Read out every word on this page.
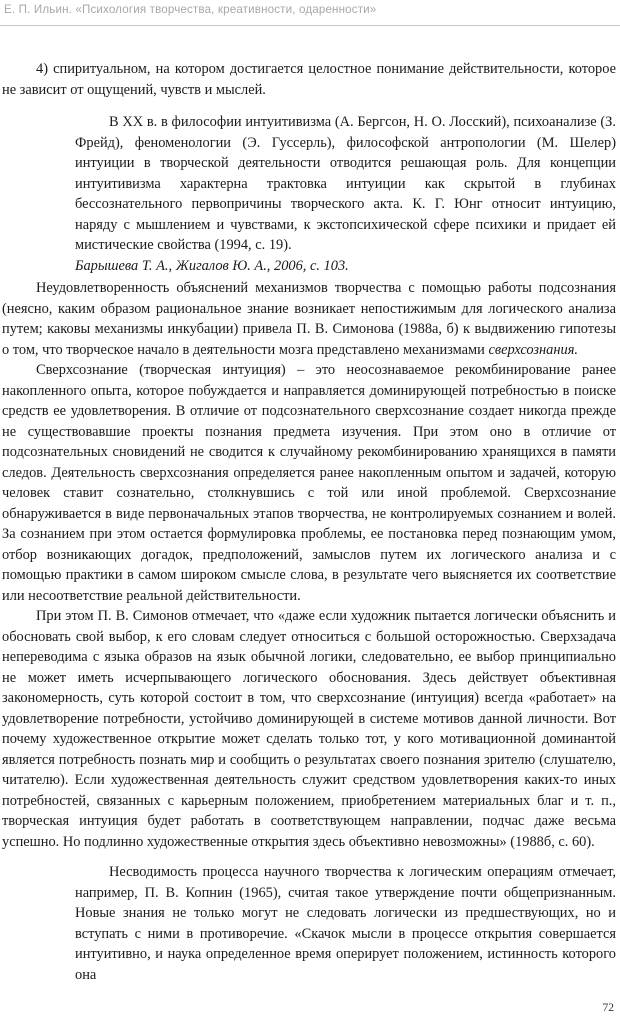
Е. П. Ильин. «Психология творчества, креативности, одаренности»

4) спиритуальном, на котором достигается целостное понимание действительности, которое не зависит от ощущений, чувств и мыслей.

В XX в. в философии интуитивизма (А. Бергсон, Н. О. Лосский), психоанализе (З. Фрейд), феноменологии (Э. Гуссерль), философской антропологии (М. Шелер) интуиции в творческой деятельности отводится решающая роль. Для концепции интуитивизма характерна трактовка интуиции как скрытой в глубинах бессознательного первопричины творческого акта. К. Г. Юнг относит интуицию, наряду с мышлением и чувствами, к экстопсихической сфере психики и придает ей мистические свойства (1994, с. 19).

Барышева Т. А., Жигалов Ю. А., 2006, с. 103.

Неудовлетворенность объяснений механизмов творчества с помощью работы подсознания (неясно, каким образом рациональное знание возникает непостижимым для логического анализа путем; каковы механизмы инкубации) привела П. В. Симонова (1988а, б) к выдвижению гипотезы о том, что творческое начало в деятельности мозга представлено механизмами сверхсознания.

Сверхсознание (творческая интуиция) – это неосознаваемое рекомбинирование ранее накопленного опыта, которое побуждается и направляется доминирующей потребностью в поиске средств ее удовлетворения. В отличие от подсознательного сверхсознание создает никогда прежде не существовавшие проекты познания предмета изучения. При этом оно в отличие от подсознательных сновидений не сводится к случайному рекомбинированию хранящихся в памяти следов. Деятельность сверхсознания определяется ранее накопленным опытом и задачей, которую человек ставит сознательно, столкнувшись с той или иной проблемой. Сверхсознание обнаруживается в виде первоначальных этапов творчества, не контролируемых сознанием и волей. За сознанием при этом остается формулировка проблемы, ее постановка перед познающим умом, отбор возникающих догадок, предположений, замыслов путем их логического анализа и с помощью практики в самом широком смысле слова, в результате чего выясняется их соответствие или несоответствие реальной действительности.

При этом П. В. Симонов отмечает, что «даже если художник пытается логически объяснить и обосновать свой выбор, к его словам следует относиться с большой осторожностью. Сверхзадача непереводима с языка образов на язык обычной логики, следовательно, ее выбор принципиально не может иметь исчерпывающего логического обоснования. Здесь действует объективная закономерность, суть которой состоит в том, что сверхсознание (интуиция) всегда «работает» на удовлетворение потребности, устойчиво доминирующей в системе мотивов данной личности. Вот почему художественное открытие может сделать только тот, у кого мотивационной доминантой является потребность познать мир и сообщить о результатах своего познания зрителю (слушателю, читателю). Если художественная деятельность служит средством удовлетворения каких-то иных потребностей, связанных с карьерным положением, приобретением материальных благ и т. п., творческая интуиция будет работать в соответствующем направлении, подчас даже весьма успешно. Но подлинно художественные открытия здесь объективно невозможны» (1988б, с. 60).

Несводимость процесса научного творчества к логическим операциям отмечает, например, П. В. Копнин (1965), считая такое утверждение почти общепризнанным. Новые знания не только могут не следовать логически из предшествующих, но и вступать с ними в противоречие. «Скачок мысли в процессе открытия совершается интуитивно, и наука определенное время оперирует положением, истинность которого она

72
